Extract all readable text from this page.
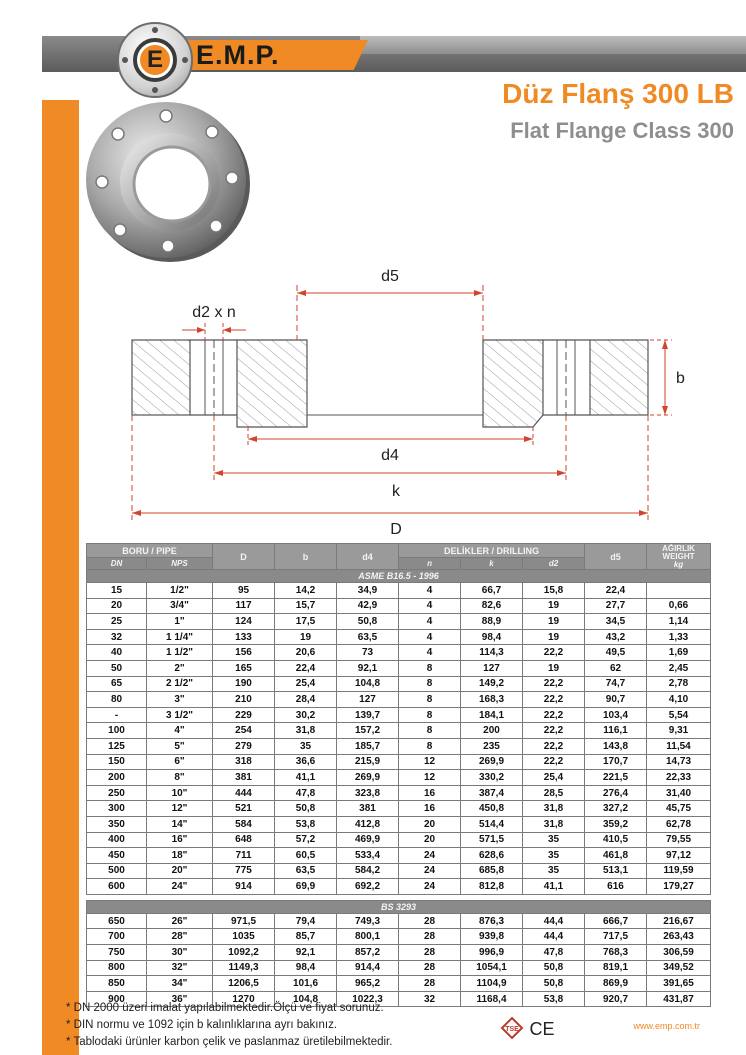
E.M.P.
E
Düz Flanş 300 LB
Flat Flange Class 300
d5
d2 x n
b
d4
k
D
BORU / PIPE		D	b	d4	DELİKLER / DRILLING			d5	AĞIRLIK
WEIGHT
kg
DN	NPS				n	k	d2		
ASME B16.5 - 1996									
15	1/2"	95	14,2	34,9	4	66,7	15,8	22,4	
20	3/4"	117	15,7	42,9	4	82,6	19	27,7	0,66
25	1"	124	17,5	50,8	4	88,9	19	34,5	1,14
32	1 1/4"	133	19	63,5	4	98,4	19	43,2	1,33
40	1 1/2"	156	20,6	73	4	114,3	22,2	49,5	1,69
50	2"	165	22,4	92,1	8	127	19	62	2,45
65	2 1/2"	190	25,4	104,8	8	149,2	22,2	74,7	2,78
80	3"	210	28,4	127	8	168,3	22,2	90,7	4,10
-	3 1/2"	229	30,2	139,7	8	184,1	22,2	103,4	5,54
100	4"	254	31,8	157,2	8	200	22,2	116,1	9,31
125	5"	279	35	185,7	8	235	22,2	143,8	11,54
150	6"	318	36,6	215,9	12	269,9	22,2	170,7	14,73
200	8"	381	41,1	269,9	12	330,2	25,4	221,5	22,33
250	10"	444	47,8	323,8	16	387,4	28,5	276,4	31,40
300	12"	521	50,8	381	16	450,8	31,8	327,2	45,75
350	14"	584	53,8	412,8	20	514,4	31,8	359,2	62,78
400	16"	648	57,2	469,9	20	571,5	35	410,5	79,55
450	18"	711	60,5	533,4	24	628,6	35	461,8	97,12
500	20"	775	63,5	584,2	24	685,8	35	513,1	119,59
600	24"	914	69,9	692,2	24	812,8	41,1	616	179,27

BS 3293									
650	26"	971,5	79,4	749,3	28	876,3	44,4	666,7	216,67
700	28"	1035	85,7	800,1	28	939,8	44,4	717,5	263,43
750	30"	1092,2	92,1	857,2	28	996,9	47,8	768,3	306,59
800	32"	1149,3	98,4	914,4	28	1054,1	50,8	819,1	349,52
850	34"	1206,5	101,6	965,2	28	1104,9	50,8	869,9	391,65
900	36"	1270	104,8	1022,3	32	1168,4	53,8	920,7	431,87
* DN 2000 üzeri imalat yapılabilmektedir.Ölçü ve fiyat sorunuz.
* DIN normu ve 1092 için b kalınlıklarına ayrı bakınız.
* Tablodaki ürünler karbon çelik ve paslanmaz üretilebilmektedir.
TSE CE	www.emp.com.tr
